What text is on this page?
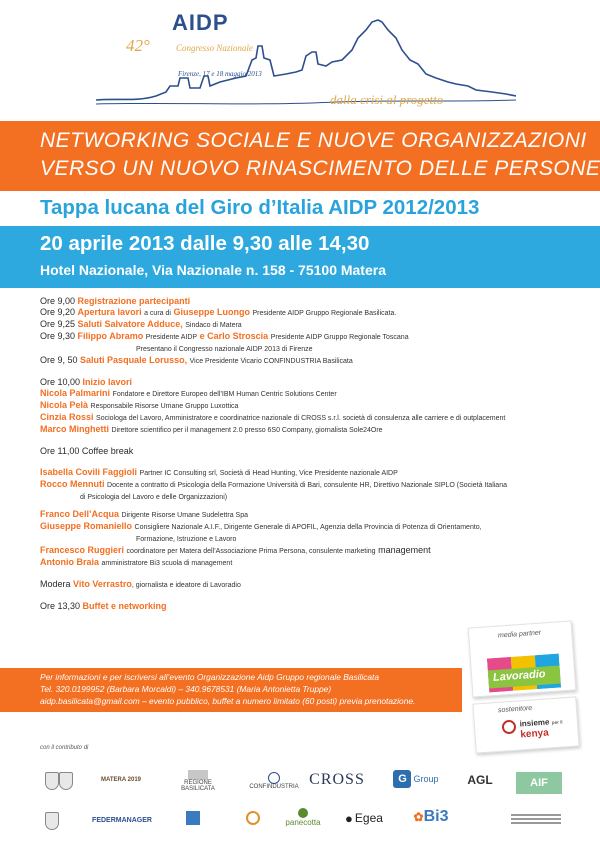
AIDP
42°	Congresso Nazionale
Firenze, 17 e 18 maggio 2013
dalla crisi al progetto
NETWORKING SOCIALE E NUOVE ORGANIZZAZIONI
VERSO UN NUOVO RINASCIMENTO DELLE PERSONE
Tappa lucana del Giro d’Italia AIDP 2012/2013
20 aprile 2013 dalle 9,30 alle 14,30
Hotel Nazionale, Via Nazionale n. 158 - 75100 Matera
Ore 9,00 Registrazione partecipanti
Ore 9,20 Apertura lavori a cura di Giuseppe Luongo Presidente AIDP Gruppo Regionale Basilicata.
Ore 9,25 Saluti Salvatore Adduce, Sindaco di Matera
Ore 9,30 Filippo Abramo Presidente AIDP e Carlo Stroscia Presidente AIDP Gruppo Regionale Toscana
Presentano il Congresso nazionale AIDP 2013 di Firenze
Ore 9, 50 Saluti Pasquale Lorusso, Vice Presidente Vicario CONFINDUSTRIA Basilicata
Ore 10,00 Inizio lavori
Nicola Palmarini Fondatore e Direttore Europeo dell’IBM Human Centric Solutions Center
Nicola Pelà Responsabile Risorse Umane Gruppo Luxottica
Cinzia Rossi Sociologa del Lavoro, Amministratore e coordinatrice nazionale di CROSS s.r.l. società di consulenza alle carriere e di outplacement
Marco Minghetti Direttore scientifico per il management 2.0 presso 6S0 Company, giornalista Sole24Ore
Ore 11,00 Coffee break
Isabella Covili Faggioli Partner IC Consulting srl, Società di Head Hunting, Vice Presidente nazionale AIDP
Rocco Mennuti Docente a contratto di Psicologia della Formazione Università di Bari, consulente HR, Direttivo Nazionale SIPLO (Società Italiana
di Psicologia del Lavoro e delle Organizzazioni)
Franco Dell’Acqua Dirigente Risorse Umane Sudelettra Spa
Giuseppe Romaniello Consigliere Nazionale A.I.F., Dirigente Generale di APOFIL, Agenzia della Provincia di Potenza di Orientamento,
Formazione, Istruzione e Lavoro
Francesco Ruggieri coordinatore per Matera dell’Associazione Prima Persona, consulente marketing management
Antonio Braia amministratore Bi3 scuola di management
Modera Vito Verrastro, giornalista e ideatore di Lavoradio
Ore 13,30 Buffet e networking
Per informazioni e per iscriversi all’evento Organizzazione Aidp Gruppo regionale Basilicata
Tel. 320.0199952 (Barbara Morcaldi) – 340.9678531 (Maria Antonietta Truppe)
aidp.basilicata@gmail.com – evento pubblico, buffet a numero limitato (60 posti) previa prenotazione.
media partner
Lavoradio
sostenitore
insieme per il
kenya
con il contributo di
MATERA 2019	REGIONE BASILICATA	CONFINDUSTRIA CROSS	G Group AGL	AIF
FEDERMANAGER	panecotta ● Egea	✿ Bi3
